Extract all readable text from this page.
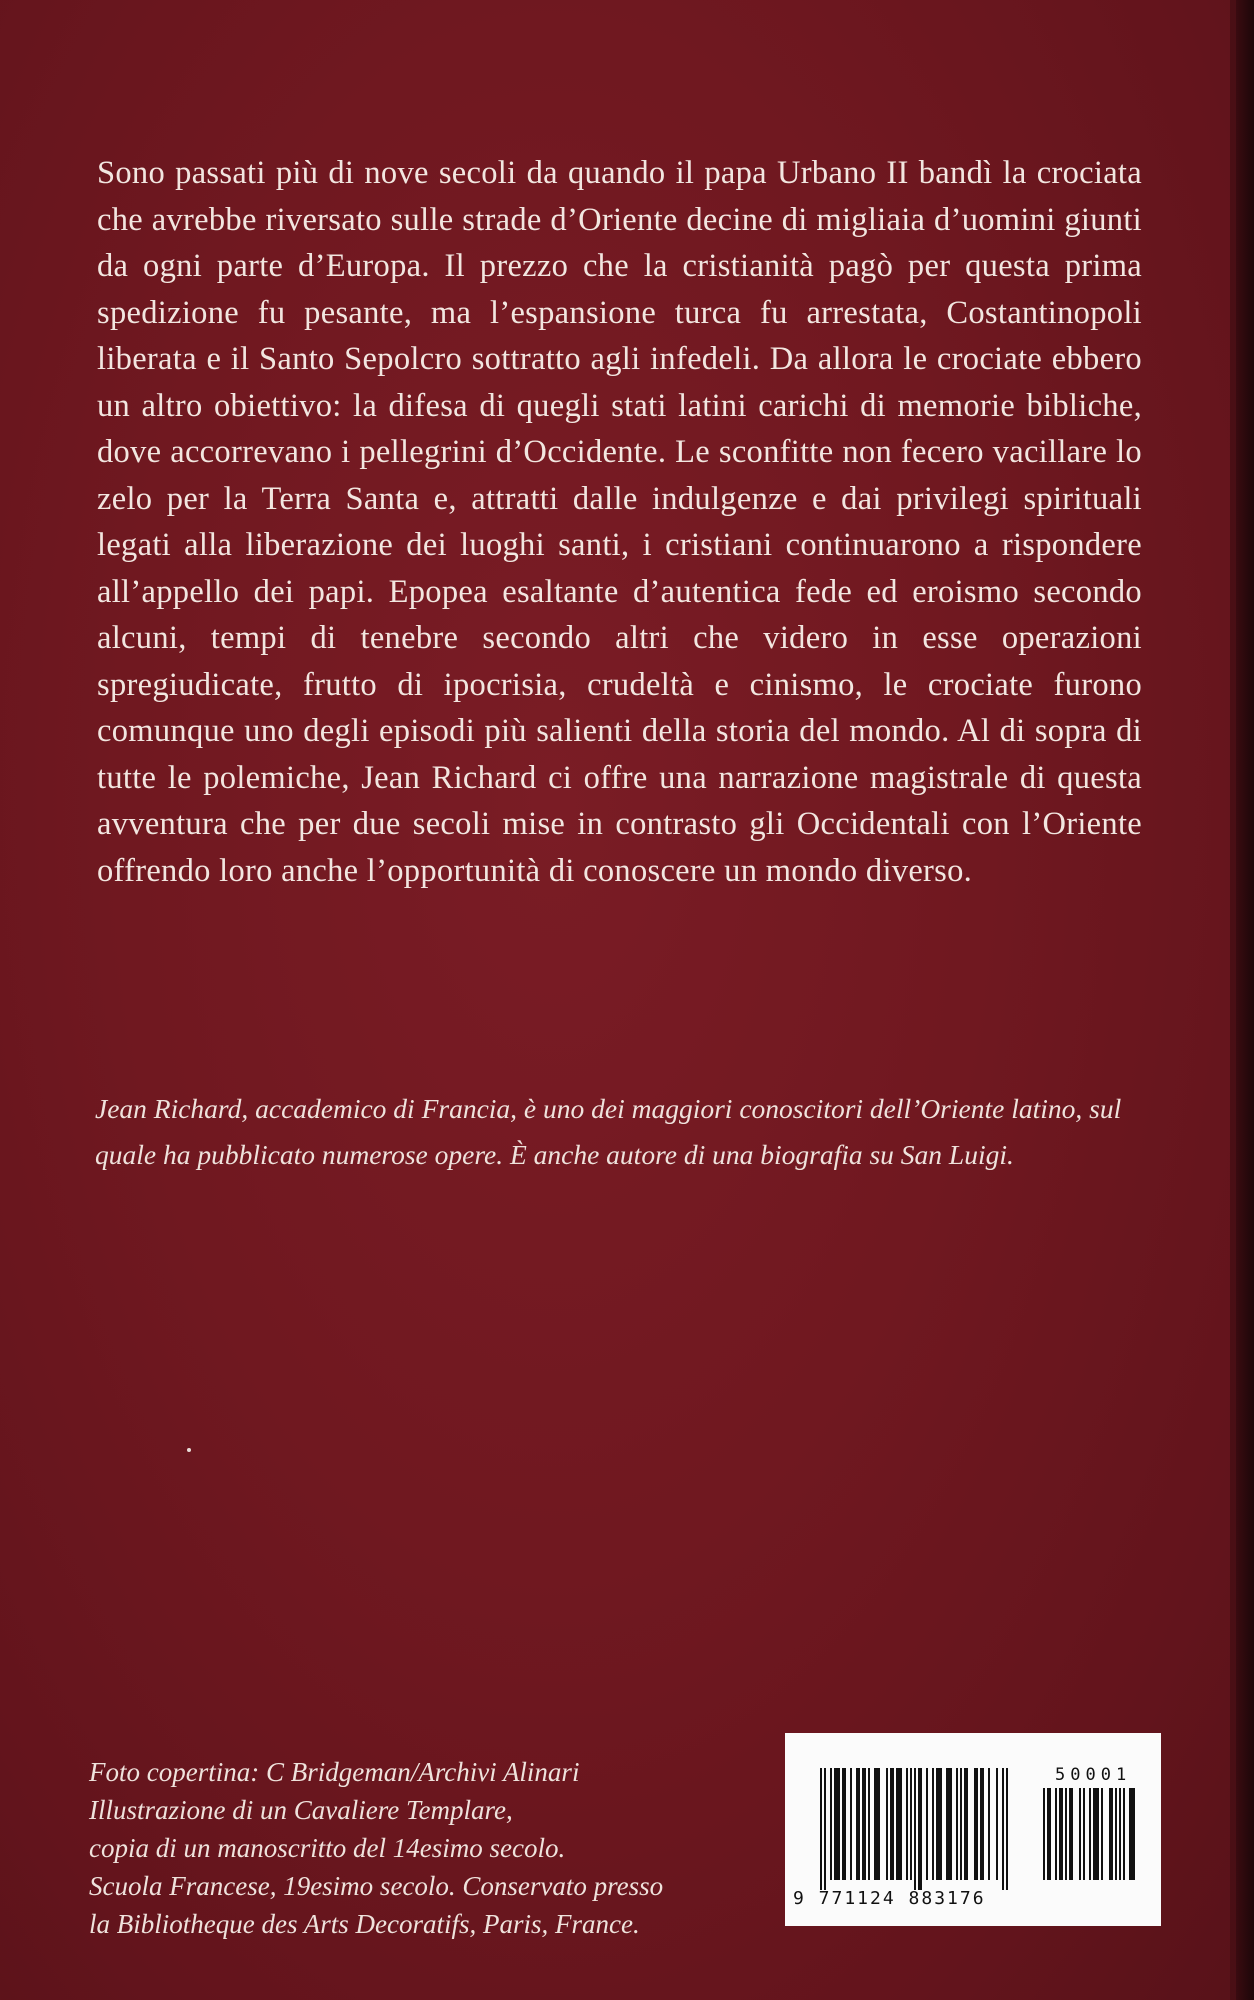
Sono passati più di nove secoli da quando il papa Urbano II bandì la crociata che avrebbe riversato sulle strade d’Oriente decine di migliaia d’uomini giunti da ogni parte d’Europa. Il prezzo che la cristianità pagò per questa prima spedizione fu pesante, ma l’espansione turca fu arrestata, Costantinopoli liberata e il Santo Sepolcro sottratto agli infedeli. Da allora le crociate ebbero un altro obiettivo: la difesa di quegli stati latini carichi di memorie bibliche, dove accorrevano i pellegrini d’Occidente. Le sconfitte non fecero vacillare lo zelo per la Terra Santa e, attratti dalle indulgenze e dai privilegi spirituali legati alla liberazione dei luoghi santi, i cristiani continuarono a rispondere all’appello dei papi. Epopea esaltante d’autentica fede ed eroismo secondo alcuni, tempi di tenebre secondo altri che videro in esse operazioni spregiudicate, frutto di ipocrisia, crudeltà e cinismo, le crociate furono comunque uno degli episodi più salienti della storia del mondo. Al di sopra di tutte le polemiche, Jean Richard ci offre una narrazione magistrale di questa avventura che per due secoli mise in contrasto gli Occidentali con l’Oriente offrendo loro anche l’opportunità di conoscere un mondo diverso.
Jean Richard, accademico di Francia, è uno dei maggiori conoscitori dell’Oriente latino, sul quale ha pubblicato numerose opere. È anche autore di una biografia su San Luigi.
Foto copertina: C Bridgeman/Archivi Alinari
Illustrazione di un Cavaliere Templare,
copia di un manoscritto del 14esimo secolo.
Scuola Francese, 19esimo secolo. Conservato presso
la Bibliotheque des Arts Decoratifs, Paris, France.
50001
9 771124 883176
